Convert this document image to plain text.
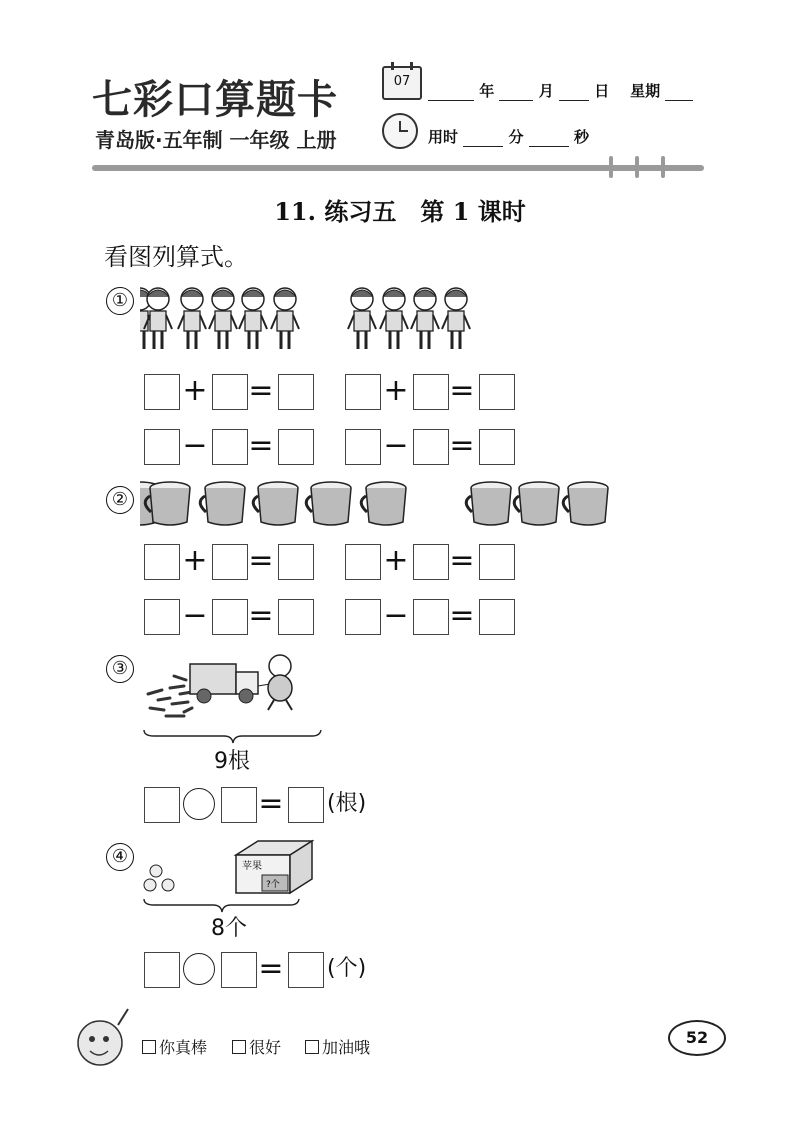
七彩口算题卡
青岛版·五年制 一年级 上册
07
年	月	日 星期
用时	分	秒
11. 练习五　第 1 课时
看图列算式。
①
+ =	+ =
− =	− =
+ =	+ =
− =	− =
= (根)
= (个)
②
③
9根
④	苹果
?个
8个
你真棒	很好	加油哦
52
